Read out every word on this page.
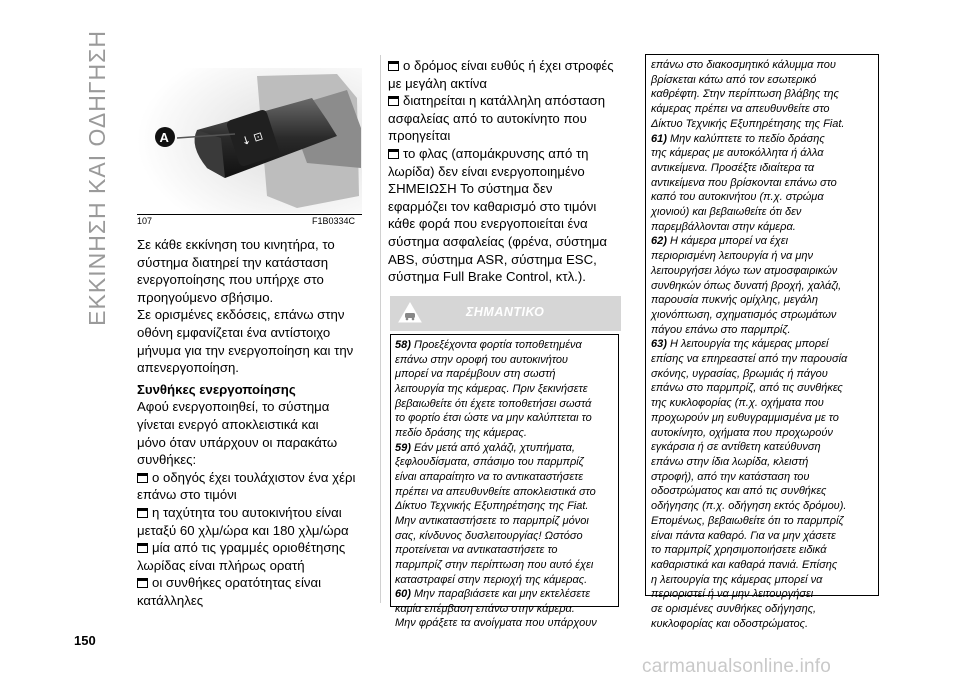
ΕΚΚΙΝΗΣΗ ΚΑΙ ΟΔΗΓΗΣΗ	↓ ⊡
A
107	F1B0334C

Σε κάθε εκκίνηση του κινητήρα, το

σύστημα διατηρεί την κατάσταση

ενεργοποίησης που υπήρχε στο

προηγούμενο σβήσιμο.

Σε ορισμένες εκδόσεις, επάνω στην

οθόνη εμφανίζεται ένα αντίστοιχο

μήνυμα για την ενεργοποίηση και την

απενεργοποίηση.

Συνθήκες ενεργοποίησης

Αφού ενεργοποιηθεί, το σύστημα

γίνεται ενεργό αποκλειστικά και

μόνο όταν υπάρχουν οι παρακάτω

συνθήκες:

ο οδηγός έχει τουλάχιστον ένα χέρι

επάνω στο τιμόνι

η ταχύτητα του αυτοκινήτου είναι

μεταξύ 60 χλμ/ώρα και 180 χλμ/ώρα

μία από τις γραμμές οριοθέτησης

λωρίδας είναι πλήρως ορατή

οι συνθήκες ορατότητας είναι

κατάλληλες

ο δρόμος είναι ευθύς ή έχει στροφές

με μεγάλη ακτίνα

διατηρείται η κατάλληλη απόσταση

ασφαλείας από το αυτοκίνητο που

προηγείται

το φλας (απομάκρυνσης από τη

λωρίδα) δεν είναι ενεργοποιημένο

ΣΗΜΕΙΩΣΗ Το σύστημα δεν

εφαρμόζει τον καθαρισμό στο τιμόνι

κάθε φορά που ενεργοποιείται ένα

σύστημα ασφαλείας (φρένα, σύστημα

ABS, σύστημα ASR, σύστημα ESC,

σύστημα Full Brake Control, κτλ.).

ΣΗΜΑΝΤΙΚΟ

58) Προεξέχοντα φορτία τοποθετημένα

επάνω στην οροφή του αυτοκινήτου

μπορεί να παρέμβουν στη σωστή

λειτουργία της κάμερας. Πριν ξεκινήσετε

βεβαιωθείτε ότι έχετε τοποθετήσει σωστά

το φορτίο έτσι ώστε να μην καλύπτεται το

πεδίο δράσης της κάμερας.

59) Εάν μετά από χαλάζι, χτυπήματα,

ξεφλουδίσματα, σπάσιμο του παρμπρίζ

είναι απαραίτητο να το αντικαταστήσετε

πρέπει να απευθυνθείτε αποκλειστικά στο

Δίκτυο Τεχνικής Εξυπηρέτησης της Fiat.

Μην αντικαταστήσετε το παρμπρίζ μόνοι

σας, κίνδυνος δυσλειτουργίας! Ωστόσο

προτείνεται να αντικαταστήσετε το

παρμπρίζ στην περίπτωση που αυτό έχει

καταστραφεί στην περιοχή της κάμερας.

60) Μην παραβιάσετε και μην εκτελέσετε

καμία επέμβαση επάνω στην κάμερα.

Μην φράξετε τα ανοίγματα που υπάρχουν

επάνω στο διακοσμητικό κάλυμμα που

βρίσκεται κάτω από τον εσωτερικό

καθρέφτη. Στην περίπτωση βλάβης της

κάμερας πρέπει να απευθυνθείτε στο

Δίκτυο Τεχνικής Εξυπηρέτησης της Fiat.

61) Μην καλύπτετε το πεδίο δράσης

της κάμερας με αυτοκόλλητα ή άλλα

αντικείμενα. Προσέξτε ιδιαίτερα τα

αντικείμενα που βρίσκονται επάνω στο

καπό του αυτοκινήτου (π.χ. στρώμα

χιονιού) και βεβαιωθείτε ότι δεν

παρεμβάλλονται στην κάμερα.

62) Η κάμερα μπορεί να έχει

περιορισμένη λειτουργία ή να μην

λειτουργήσει λόγω των ατμοσφαιρικών

συνθηκών όπως δυνατή βροχή, χαλάζι,

παρουσία πυκνής ομίχλης, μεγάλη

χιονόπτωση, σχηματισμός στρωμάτων

πάγου επάνω στο παρμπρίζ.

63) Η λειτουργία της κάμερας μπορεί

επίσης να επηρεαστεί από την παρουσία

σκόνης, υγρασίας, βρωμιάς ή πάγου

επάνω στο παρμπρίζ, από τις συνθήκες

της κυκλοφορίας (π.χ. οχήματα που

προχωρούν μη ευθυγραμμισμένα με το

αυτοκίνητο, οχήματα που προχωρούν

εγκάρσια ή σε αντίθετη κατεύθυνση

επάνω στην ίδια λωρίδα, κλειστή

στροφή), από την κατάσταση του

οδοστρώματος και από τις συνθήκες

οδήγησης (π.χ. οδήγηση εκτός δρόμου).

Επομένως, βεβαιωθείτε ότι το παρμπρίζ

είναι πάντα καθαρό. Για να μην χάσετε

το παρμπρίζ χρησιμοποιήσετε ειδικά

καθαριστικά και καθαρά πανιά. Επίσης

η λειτουργία της κάμερας μπορεί να

περιοριστεί ή να μην λειτουργήσει

σε ορισμένες συνθήκες οδήγησης,

κυκλοφορίας και οδοστρώματος.

150
carmanualsonline.info
